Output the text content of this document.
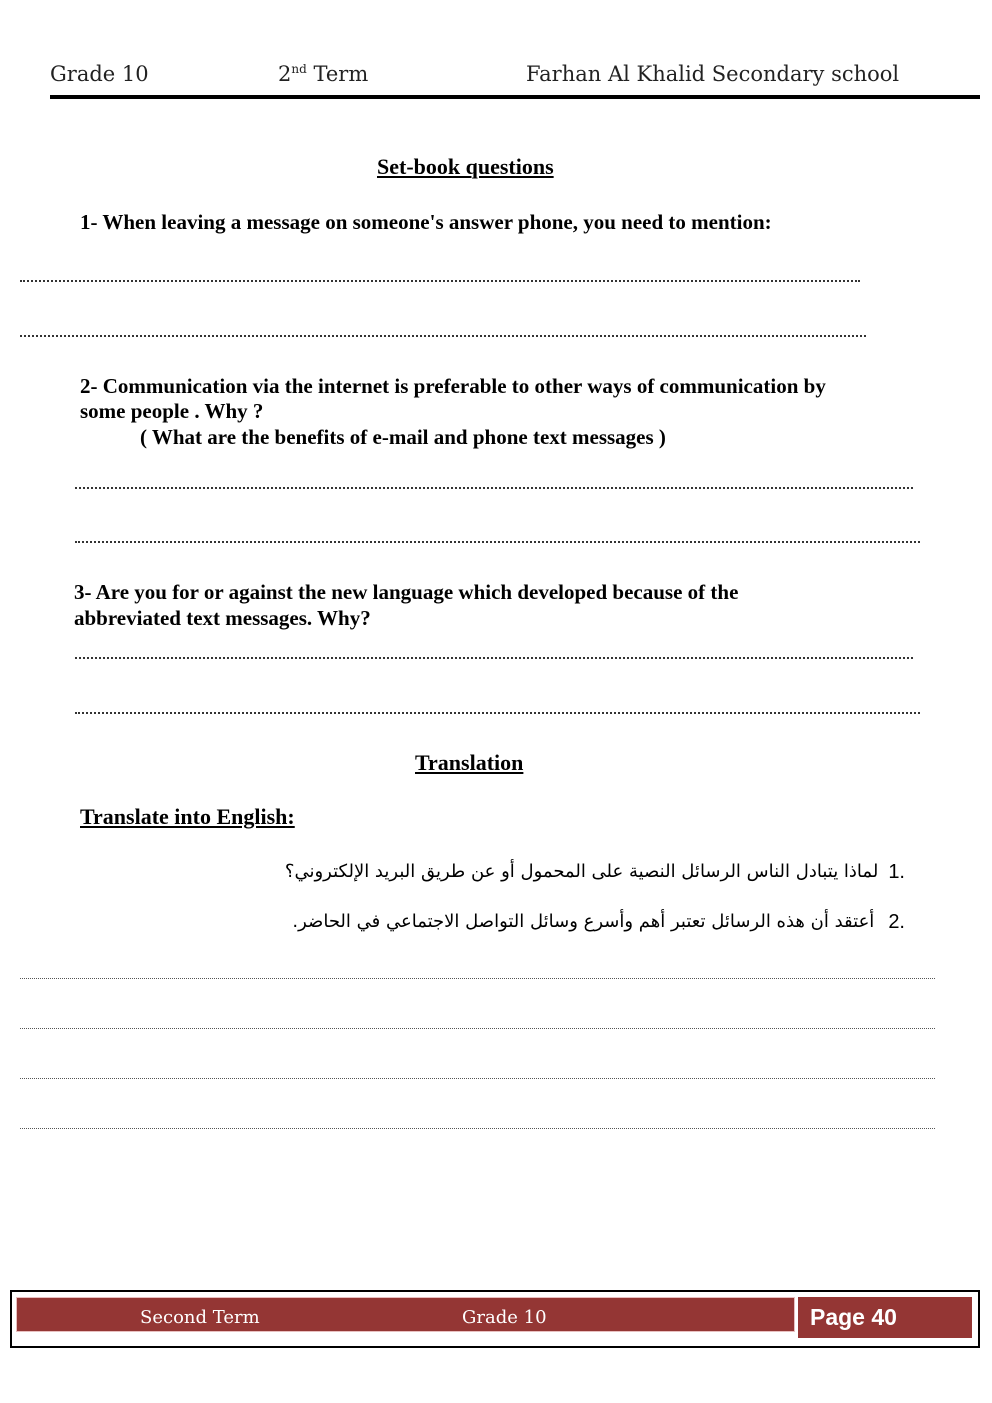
Grade 10	2nd Term	Farhan Al Khalid Secondary school
Set-book questions
1- When leaving a message on someone's answer phone, you need to mention:
2- Communication via the internet is preferable to other ways of communication by
some people . Why ?
( What are the benefits of e-mail and phone text messages )
3- Are you for or against the new language which developed because of the
abbreviated text messages. Why?
Translation
Translate into English:
1.
لماذا يتبادل الناس الرسائل النصية على المحمول أو عن طريق البريد الإلكتروني؟
2.
أعتقد أن هذه الرسائل تعتبر أهم وأسرع وسائل التواصل الاجتماعي في الحاضر.
Second Term	Grade 10	Page 40
